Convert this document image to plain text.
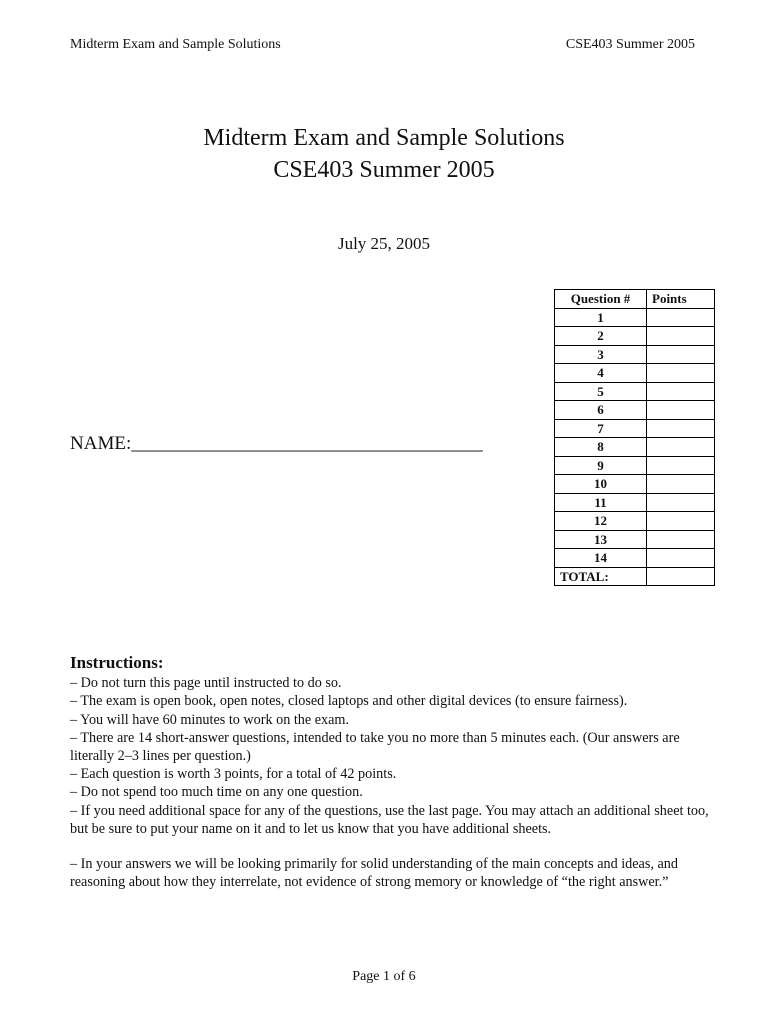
Midterm Exam and Sample Solutions	CSE403 Summer 2005
Midterm Exam and Sample Solutions
CSE403 Summer 2005
July 25, 2005
NAME:_____________________________________
Question #	Points
1	
2	
3	
4	
5	
6	
7	
8	
9	
10	
11	
12	
13	
14	
TOTAL:	
Instructions:
– Do not turn this page until instructed to do so.
– The exam is open book, open notes, closed laptops and other digital devices (to ensure fairness).
– You will have 60 minutes to work on the exam.
– There are 14 short-answer questions, intended to take you no more than 5 minutes each. (Our answers are literally 2–3 lines per question.)
– Each question is worth 3 points, for a total of 42 points.
– Do not spend too much time on any one question.
– If you need additional space for any of the questions, use the last page. You may attach an additional sheet too, but be sure to put your name on it and to let us know that you have additional sheets.
– In your answers we will be looking primarily for solid understanding of the main concepts and ideas, and reasoning about how they interrelate, not evidence of strong memory or knowledge of “the right answer.”
Page 1 of 6
